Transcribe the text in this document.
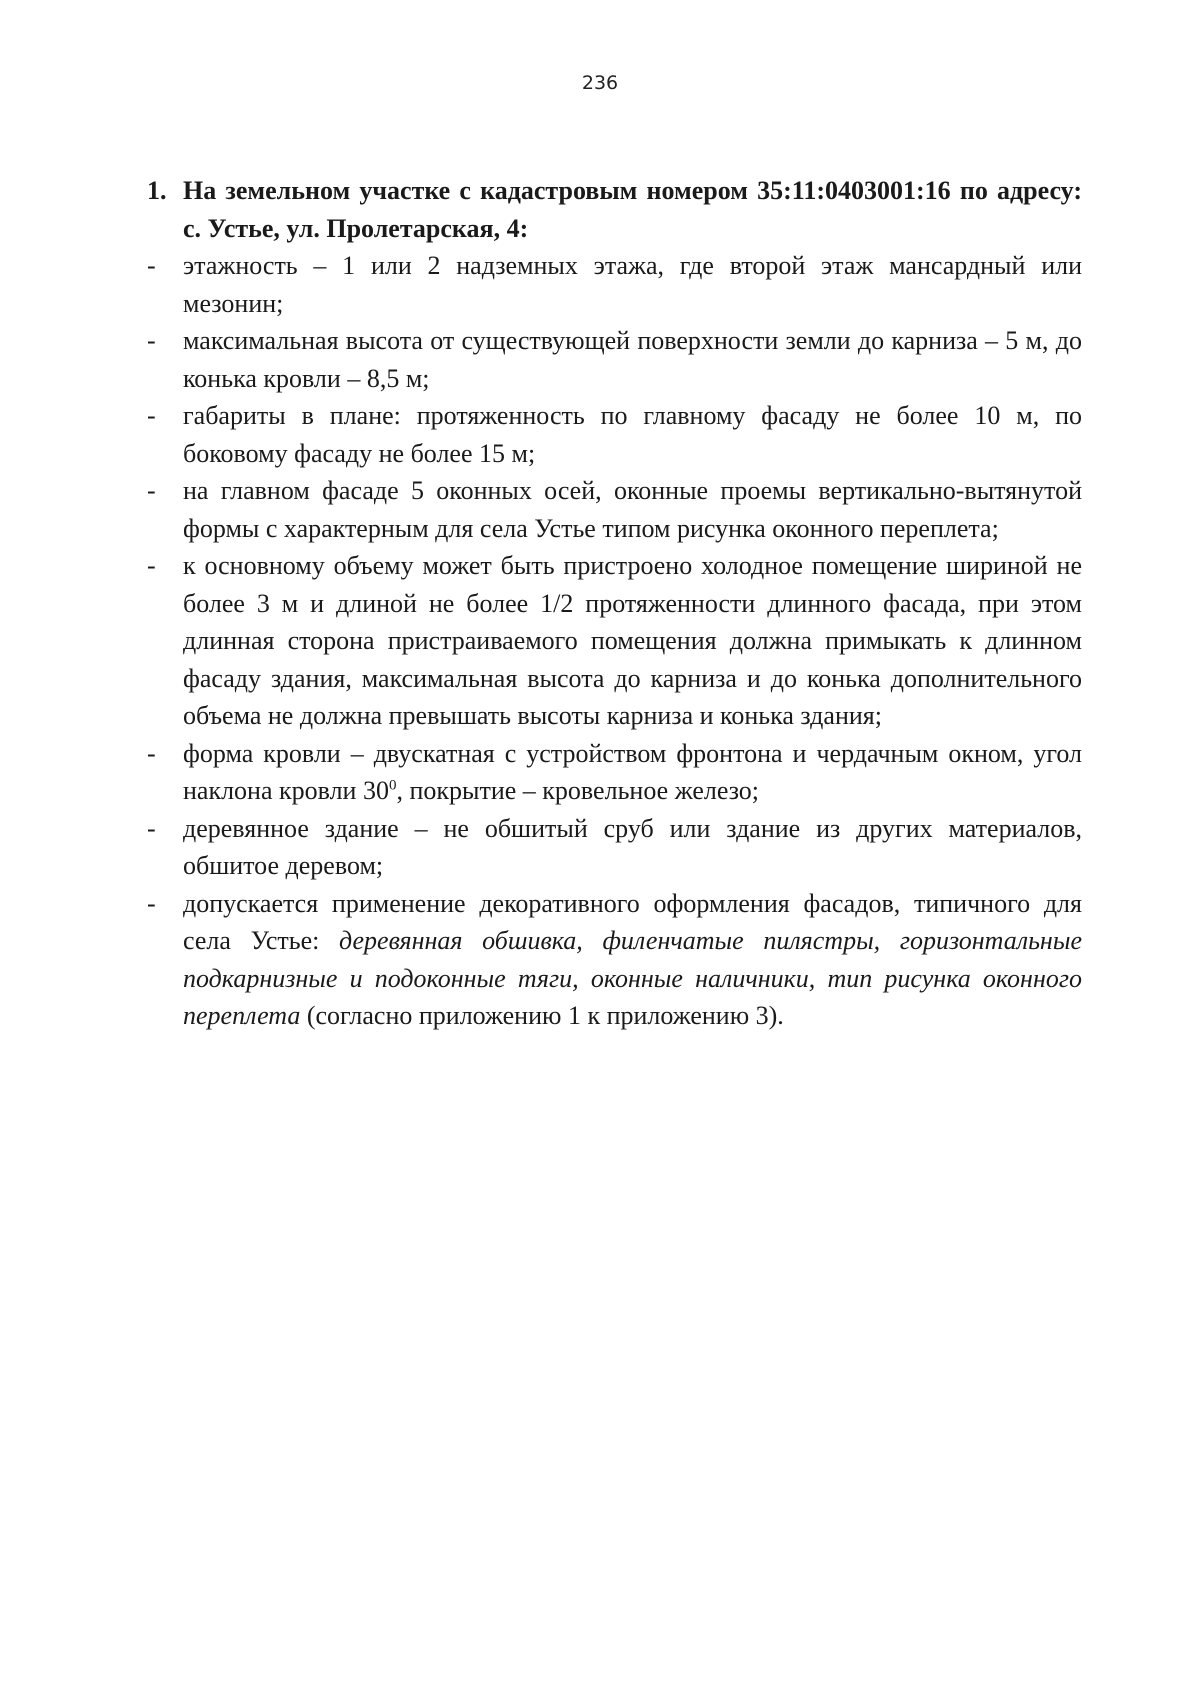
236
1. На земельном участке с кадастровым номером 35:11:0403001:16 по адресу: с. Устье, ул. Пролетарская, 4:
-	этажность – 1 или 2 надземных этажа, где второй этаж мансардный или мезонин;
-	максимальная высота от существующей поверхности земли до карниза – 5 м, до конька кровли – 8,5 м;
-	габариты в плане: протяженность по главному фасаду не более 10 м, по боковому фасаду не более 15 м;
-	на главном фасаде 5 оконных осей, оконные проемы вертикально-вытянутой формы с характерным для села Устье типом рисунка оконного переплета;
-	к основному объему может быть пристроено холодное помещение шириной не более 3 м и длиной не более 1/2 протяженности длинного фасада, при этом длинная сторона пристраиваемого помещения должна примыкать к длинном фасаду здания, максимальная высота до карниза и до конька дополнительного объема не должна превышать высоты карниза и конька здания;
-	форма кровли – двускатная с устройством фронтона и чердачным окном, угол наклона кровли $30^0$, покрытие – кровельное железо;
-	деревянное здание – не обшитый сруб или здание из других материалов, обшитое деревом;
-	допускается применение декоративного оформления фасадов, типичного для села Устье: деревянная обшивка, филенчатые пилястры, горизонтальные подкарнизные и подоконные тяги, оконные наличники, тип рисунка оконного переплета (согласно приложению 1 к приложению 3).
